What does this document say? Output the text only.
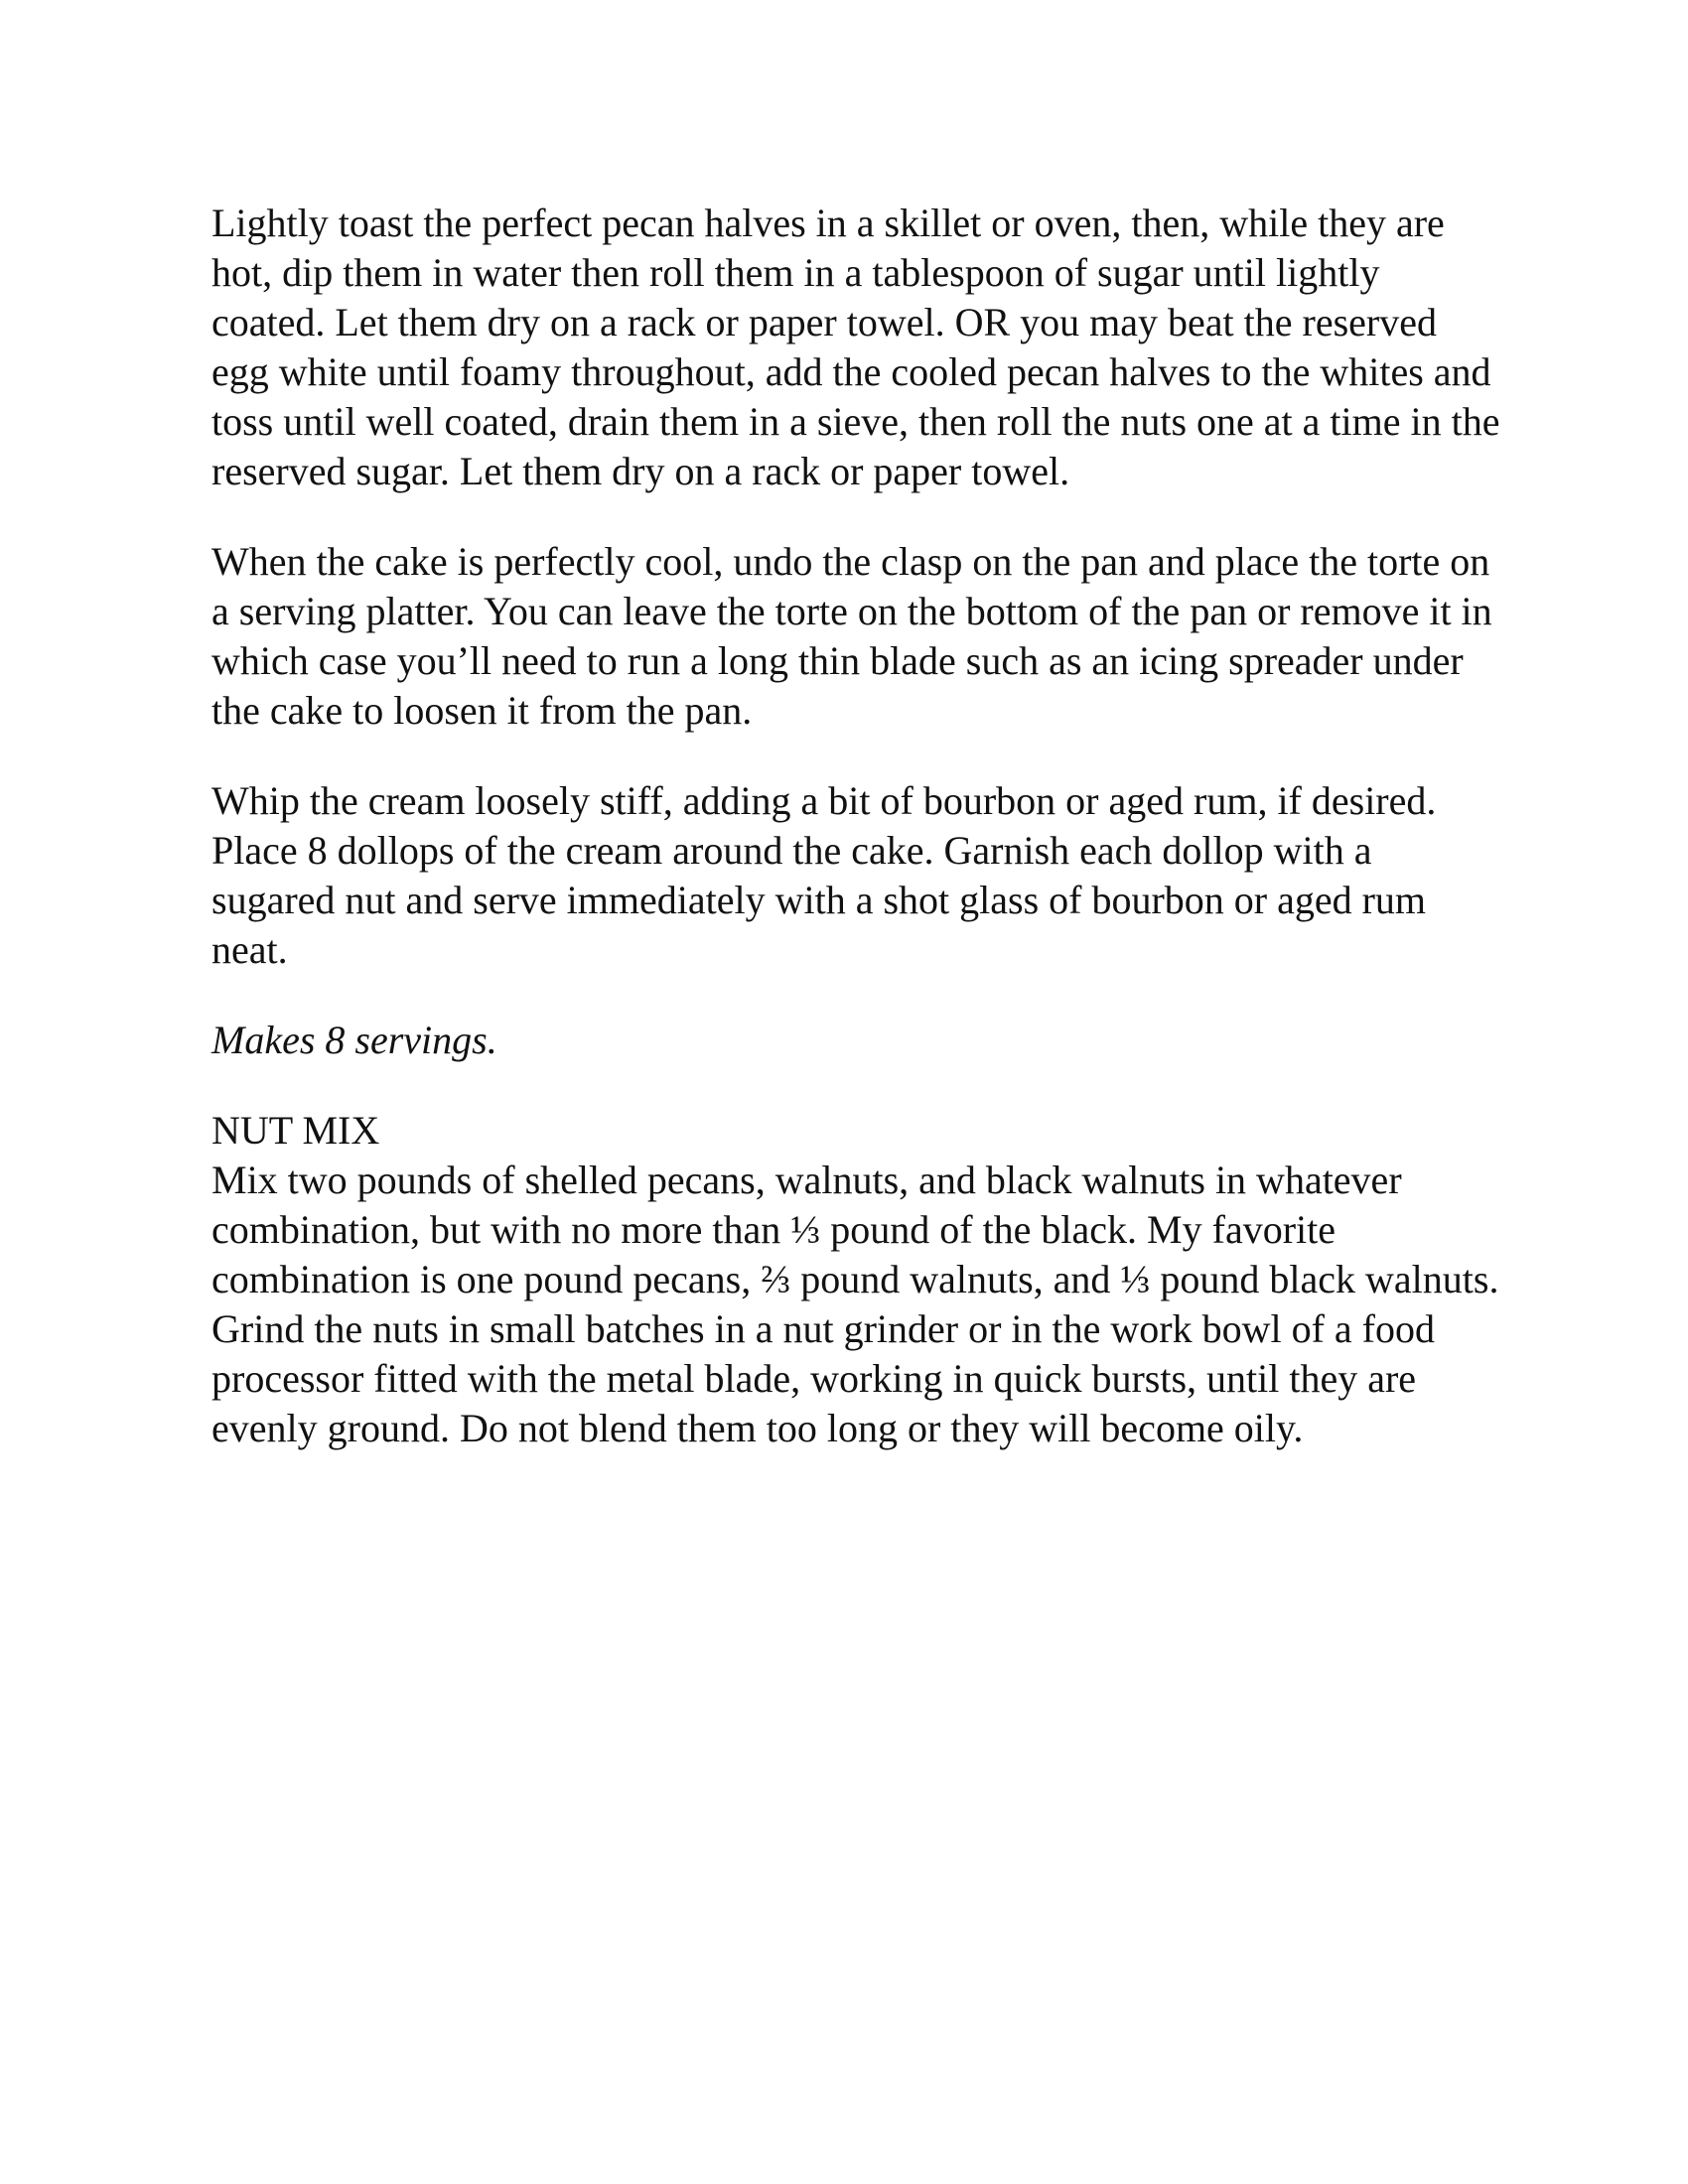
Lightly toast the perfect pecan halves in a skillet or oven, then, while they are hot, dip them in water then roll them in a tablespoon of sugar until lightly coated. Let them dry on a rack or paper towel. OR you may beat the reserved egg white until foamy throughout, add the cooled pecan halves to the whites and toss until well coated, drain them in a sieve, then roll the nuts one at a time in the reserved sugar. Let them dry on a rack or paper towel.

When the cake is perfectly cool, undo the clasp on the pan and place the torte on a serving platter. You can leave the torte on the bottom of the pan or remove it in which case you’ll need to run a long thin blade such as an icing spreader under the cake to loosen it from the pan.

Whip the cream loosely stiff, adding a bit of bourbon or aged rum, if desired. Place 8 dollops of the cream around the cake. Garnish each dollop with a sugared nut and serve immediately with a shot glass of bourbon or aged rum neat.

Makes 8 servings.

NUT MIX

Mix two pounds of shelled pecans, walnuts, and black walnuts in whatever combination, but with no more than ⅓ pound of the black. My favorite combination is one pound pecans, ⅔ pound walnuts, and ⅓ pound black walnuts. Grind the nuts in small batches in a nut grinder or in the work bowl of a food processor fitted with the metal blade, working in quick bursts, until they are evenly ground. Do not blend them too long or they will become oily.
